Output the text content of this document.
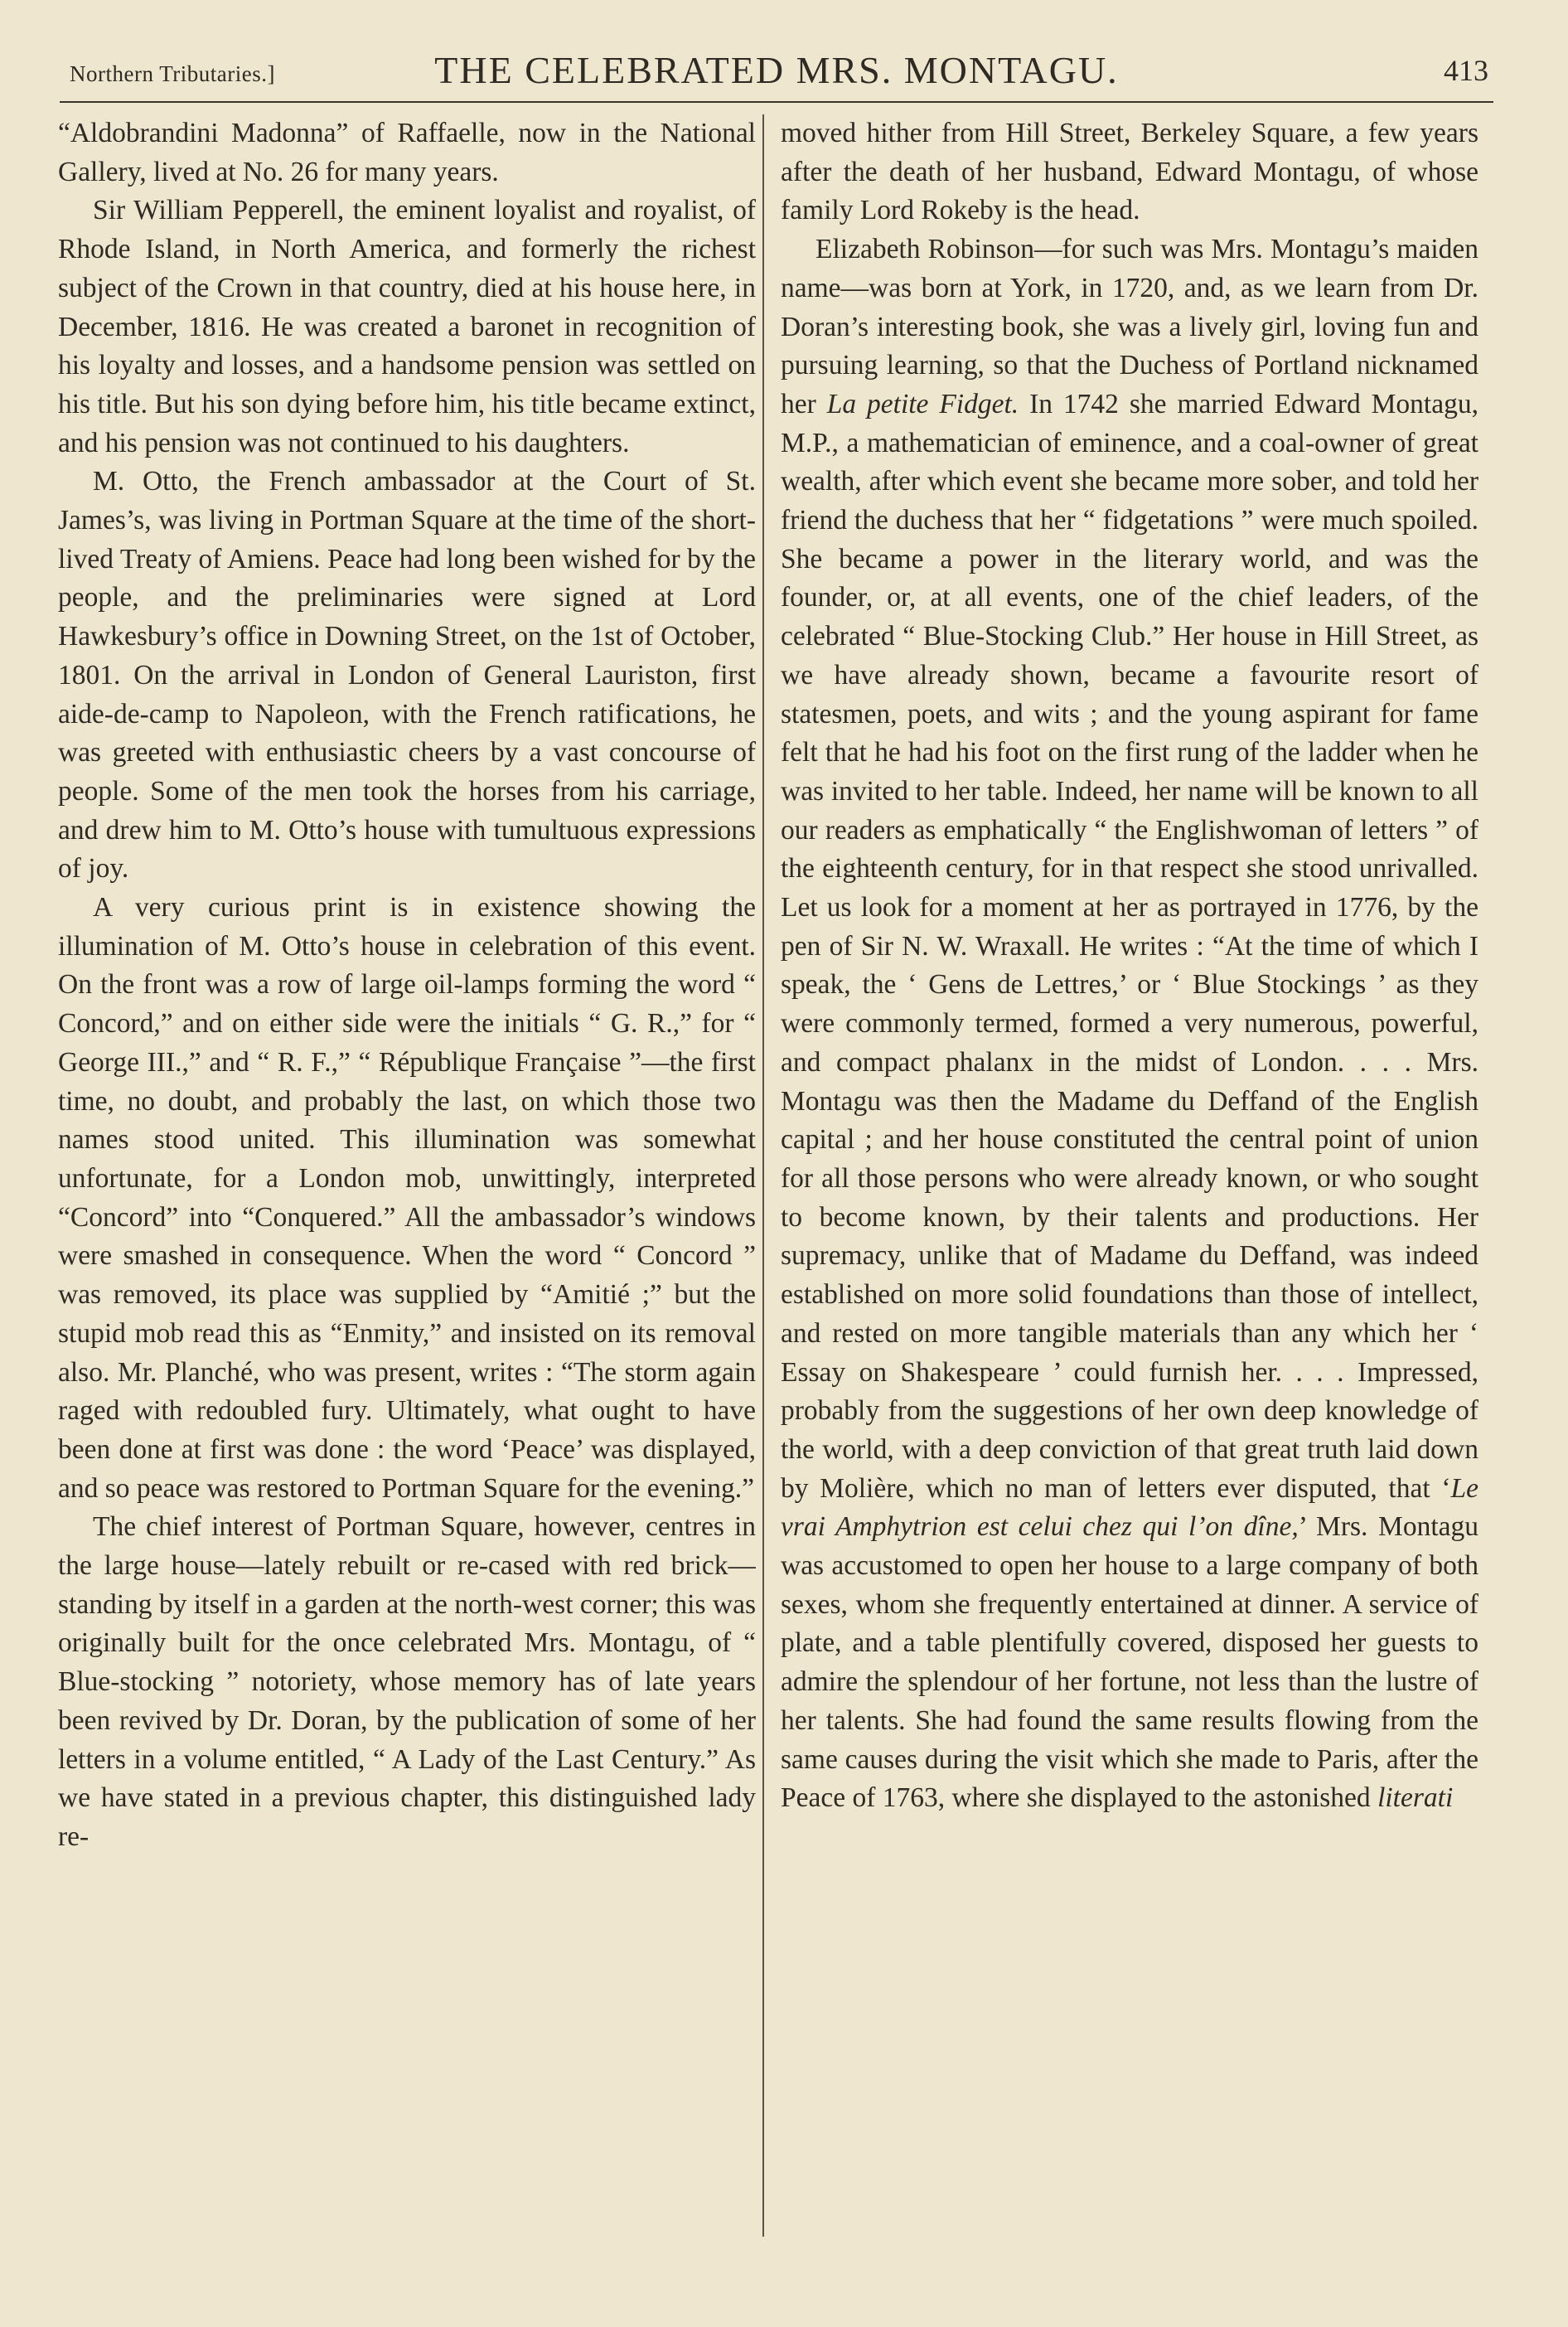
Northern Tributaries.]	THE CELEBRATED MRS. MONTAGU.	413

“Aldobrandini Madonna” of Raffaelle, now in the National Gallery, lived at No. 26 for many years.

Sir William Pepperell, the eminent loyalist and royalist, of Rhode Island, in North America, and formerly the richest subject of the Crown in that country, died at his house here, in December, 1816. He was created a baronet in recognition of his loyalty and losses, and a handsome pension was settled on his title. But his son dying before him, his title became extinct, and his pension was not continued to his daughters.

M. Otto, the French ambassador at the Court of St. James’s, was living in Portman Square at the time of the short-lived Treaty of Amiens. Peace had long been wished for by the people, and the preliminaries were signed at Lord Hawkesbury’s office in Downing Street, on the 1st of October, 1801. On the arrival in London of General Lauriston, first aide-de-camp to Napoleon, with the French ratifications, he was greeted with enthusiastic cheers by a vast concourse of people. Some of the men took the horses from his carriage, and drew him to M. Otto’s house with tumultuous expressions of joy.

A very curious print is in existence showing the illumination of M. Otto’s house in celebration of this event. On the front was a row of large oil-lamps forming the word “ Concord,” and on either side were the initials “ G. R.,” for “ George III.,” and “ R. F.,” “ République Française ”—the first time, no doubt, and probably the last, on which those two names stood united. This illumination was somewhat unfortunate, for a London mob, unwittingly, interpreted “Concord” into “Conquered.” All the ambassador’s windows were smashed in consequence. When the word “ Concord ” was removed, its place was supplied by “Amitié ;” but the stupid mob read this as “Enmity,” and insisted on its removal also. Mr. Planché, who was present, writes : “The storm again raged with redoubled fury. Ultimately, what ought to have been done at first was done : the word ‘Peace’ was displayed, and so peace was restored to Portman Square for the evening.”

The chief interest of Portman Square, however, centres in the large house—lately rebuilt or re-cased with red brick—standing by itself in a garden at the north-west corner; this was originally built for the once celebrated Mrs. Montagu, of “ Blue-stocking ” notoriety, whose memory has of late years been revived by Dr. Doran, by the publication of some of her letters in a volume entitled, “ A Lady of the Last Century.” As we have stated in a previous chapter, this distinguished lady re-

moved hither from Hill Street, Berkeley Square, a few years after the death of her husband, Edward Montagu, of whose family Lord Rokeby is the head.

Elizabeth Robinson—for such was Mrs. Montagu’s maiden name—was born at York, in 1720, and, as we learn from Dr. Doran’s interesting book, she was a lively girl, loving fun and pursuing learning, so that the Duchess of Portland nicknamed her La petite Fidget. In 1742 she married Edward Montagu, M.P., a mathematician of eminence, and a coal-owner of great wealth, after which event she became more sober, and told her friend the duchess that her “ fidgetations ” were much spoiled. She became a power in the literary world, and was the founder, or, at all events, one of the chief leaders, of the celebrated “ Blue-Stocking Club.” Her house in Hill Street, as we have already shown, became a favourite resort of statesmen, poets, and wits ; and the young aspirant for fame felt that he had his foot on the first rung of the ladder when he was invited to her table. Indeed, her name will be known to all our readers as emphatically “ the Englishwoman of letters ” of the eighteenth century, for in that respect she stood unrivalled. Let us look for a moment at her as portrayed in 1776, by the pen of Sir N. W. Wraxall. He writes : “At the time of which I speak, the ‘ Gens de Lettres,’ or ‘ Blue Stockings ’ as they were commonly termed, formed a very numerous, powerful, and compact phalanx in the midst of London. . . . Mrs. Montagu was then the Madame du Deffand of the English capital ; and her house constituted the central point of union for all those persons who were already known, or who sought to become known, by their talents and productions. Her supremacy, unlike that of Madame du Deffand, was indeed established on more solid foundations than those of intellect, and rested on more tangible materials than any which her ‘ Essay on Shakespeare ’ could furnish her. . . . Impressed, probably from the suggestions of her own deep knowledge of the world, with a deep conviction of that great truth laid down by Molière, which no man of letters ever disputed, that ‘Le vrai Amphytrion est celui chez qui l’on dîne,’ Mrs. Montagu was accustomed to open her house to a large company of both sexes, whom she frequently entertained at dinner. A service of plate, and a table plentifully covered, disposed her guests to admire the splendour of her fortune, not less than the lustre of her talents. She had found the same results flowing from the same causes during the visit which she made to Paris, after the Peace of 1763, where she displayed to the astonished literati
